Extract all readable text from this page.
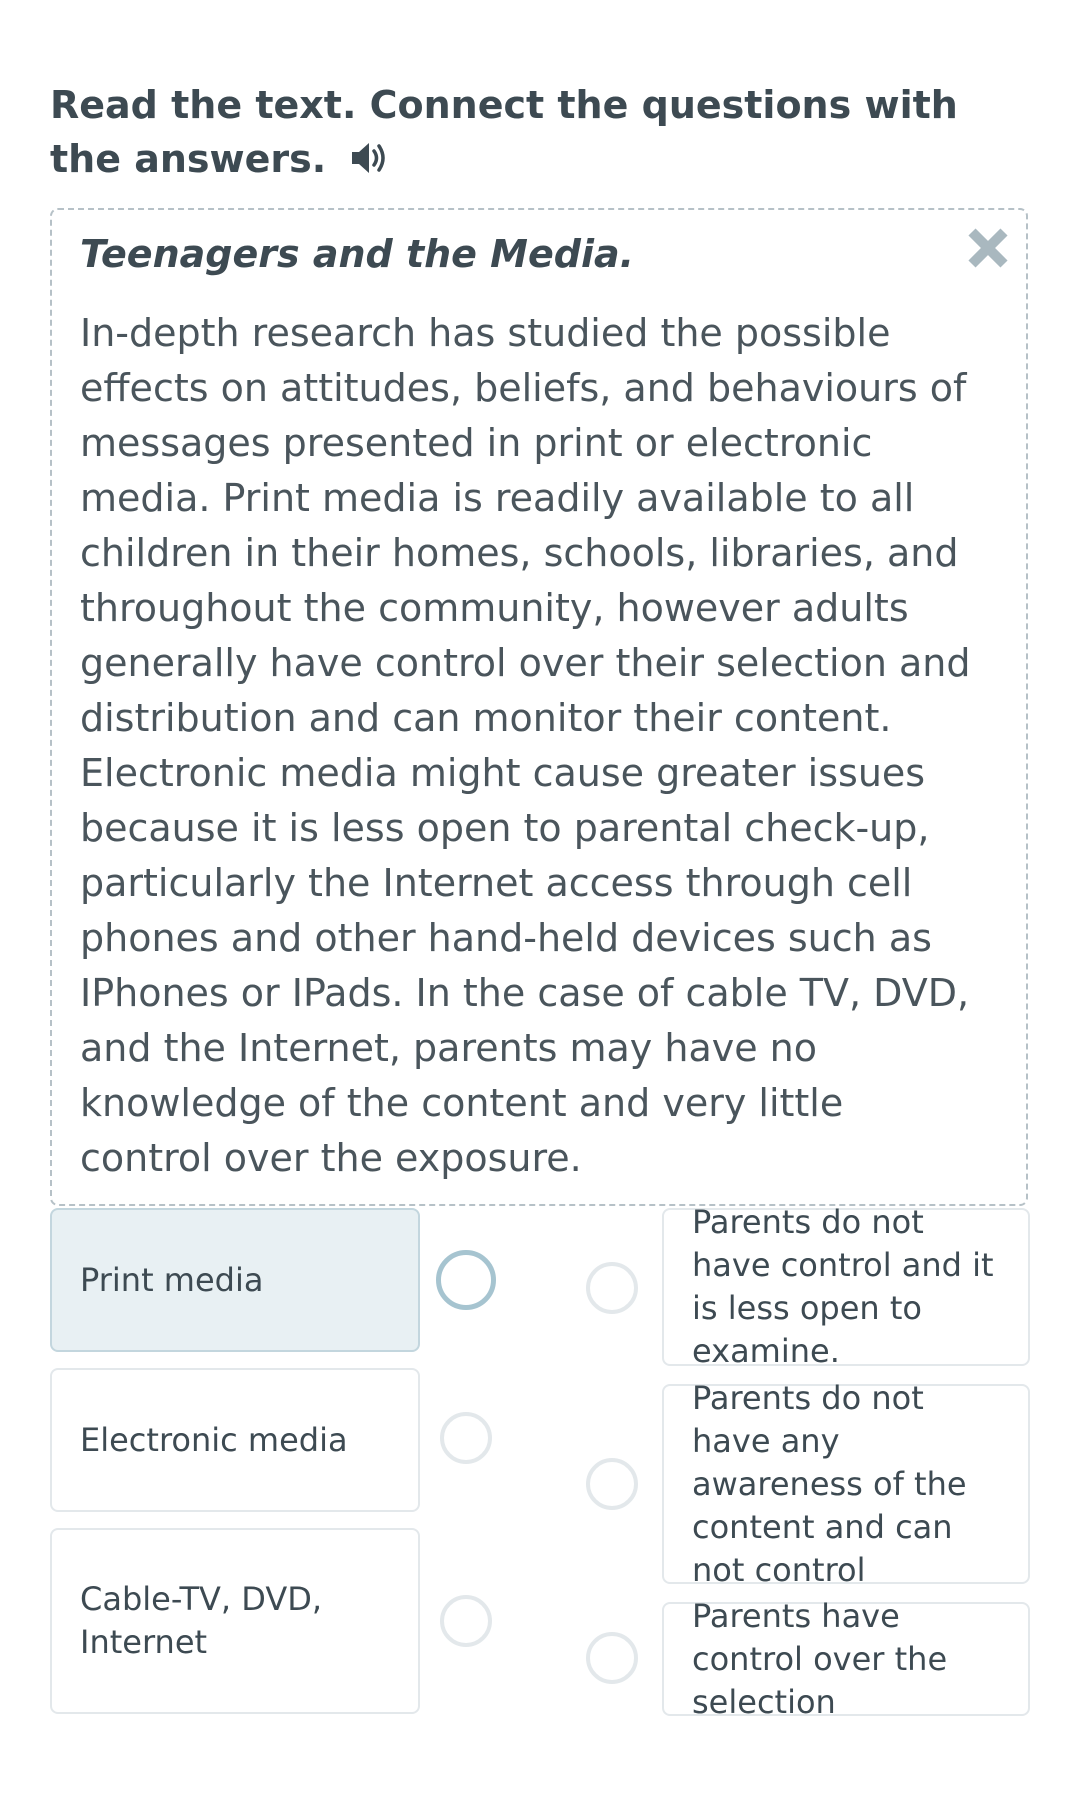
Read the text. Connect the questions with the answers.
Teenagers and the Media.
In-depth research has studied the possible effects on attitudes, beliefs, and behaviours of messages presented in print or electronic media. Print media is readily available to all children in their homes, schools, libraries, and throughout the community, however adults generally have control over their selection and distribution and can monitor their content. Electronic media might cause greater issues because it is less open to parental check-up, particularly the Internet access through cell phones and other hand-held devices such as IPhones or IPads. In the case of cable TV, DVD, and the Internet, parents may have no knowledge of the content and very little control over the exposure.
Print media
Electronic media
Cable-TV, DVD, Internet
Parents do not have control and it is less open to examine.
Parents do not have any awareness of the content and can not control
Parents have control over the selection
